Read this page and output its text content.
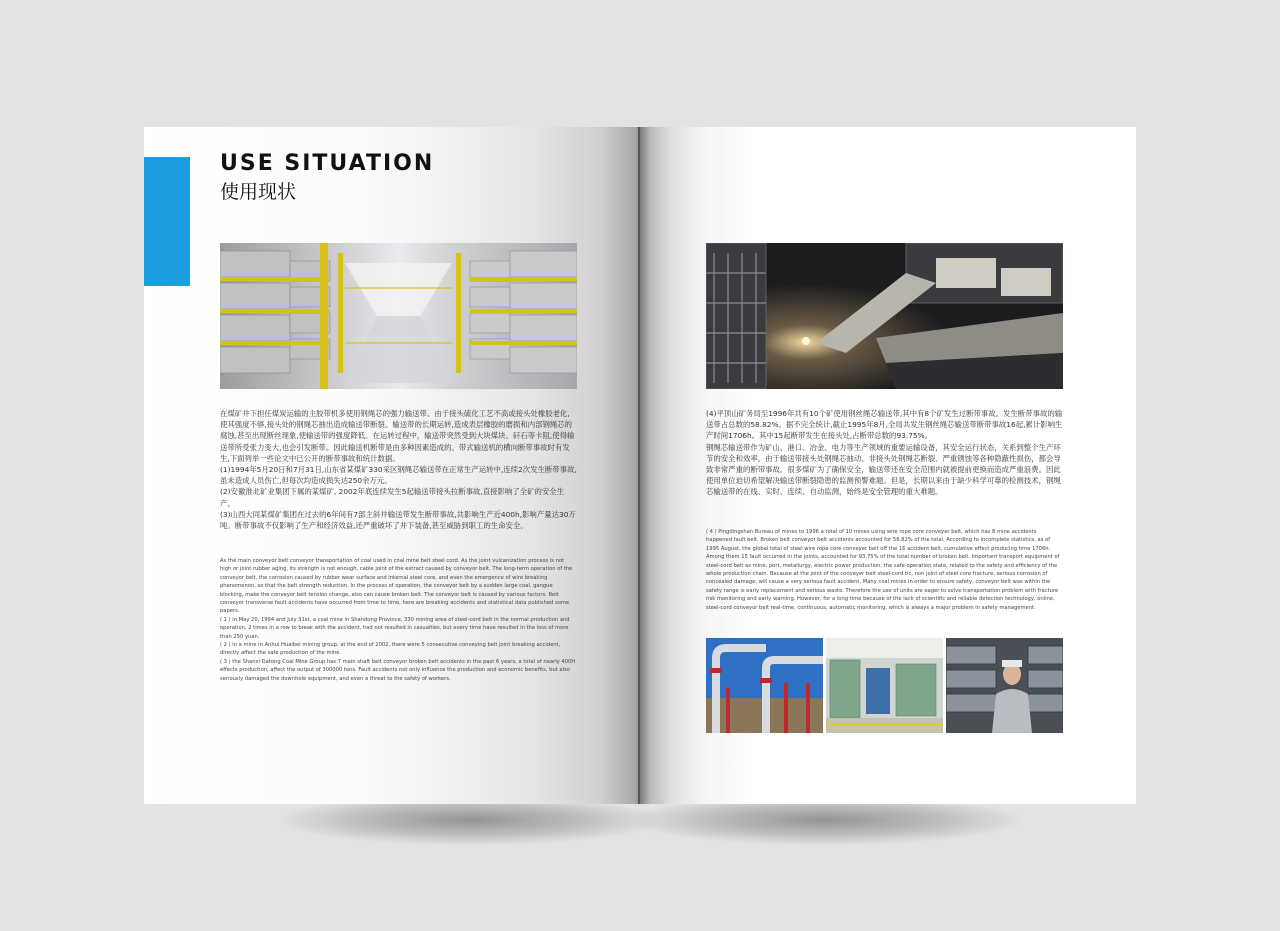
USE SITUATION
使用现状
在煤矿井下担任煤炭运输的主胶带机多使用钢绳芯的强力输送带。由于接头硫化工艺不高或接头处橡胶老化,使其强度不够,接头处的钢绳芯抽出造成输送带断裂。输送带的长期运转,造成表层橡胶的磨损和内部钢绳芯的腐蚀,甚至出现断丝现象,使输送带的强度降低。在运转过程中，输送带突然受到大块煤块、矸石等卡阻,使得输送带所受张力变大,也会引发断带。因此输送机断带是由多种因素造成的。带式输送机的横向断带事故时有发生,下面列举一些论文中已公开的断带事故和统计数据。
(1)1994年5月20日和7月31日,山东省某煤矿330采区钢绳芯输送带在正常生产运转中,连续2次发生断带事故,虽未造成人员伤亡,但每次均造成损失达250余万元。
(2)安徽淮北矿业集团下属的某煤矿, 2002年底连续发生5起输送带接头拉断事故,直接影响了全矿的安全生产。
(3)山西大同某煤矿集团在过去的6年间有7部主斜井输送带发生断带事故,共影响生产近400h,影响产量达30万吨。断带事故不仅影响了生产和经济效益,还严重破坏了井下装备,甚至威胁到职工的生命安全。
As the main conveyor belt conveyor transportation of coal used in coal mine belt steel cord. As the joint vulcanization process is not high or joint rubber aging, its strength is not enough, cable joint of the extract caused by conveyor belt. The long-term operation of the conveyor belt, the corrosion caused by rubber wear surface and internal steel core, and even the emergence of wire breaking phenomenon, so that the belt strength reduction. In the process of operation, the conveyor belt by a sudden large coal, gangue blocking, make the conveyor belt tension change, also can cause broken belt. The conveyor belt is caused by various factors. Belt conveyor transverse fault accidents have occurred from time to time, here are breaking accidents and statistical data published some papers.
( 1 ) in May 20, 1994 and July 31st, a coal mine in Shandong Province, 330 mining area of steel-cord belt in the normal production and operation, 2 times in a row to break with the accident, had not resulted in casualties, but every time have resulted in the loss of more than 250 yuan.
( 2 ) in a mine in Anhui Huaibei mining group, at the end of 2002, there were 5 consecutive conveying belt joint breaking accident, directly affect the safe production of the mine.
( 3 ) the Shanxi Datong Coal Mine Group has 7 main shaft belt conveyor broken belt accidents in the past 6 years, a total of nearly 400H effects production, affect the output of 300000 tons. Fault accidents not only influence the production and economic benefits, but also seriously damaged the downhole equipment, and even a threat to the safety of workers.
(4)平顶山矿务局至1996年共有10个矿使用钢丝绳芯输送带,其中有8个矿发生过断带事故。发生断带事故的输送带占总数的58.82%。据不完全统计,截止1995年8月,全局共发生钢丝绳芯输送带断带事故16起,累计影响生产时间1706h。其中15起断带发生在接头处,占断带总数的93.75%。
钢绳芯输送带作为矿山、港口、冶金、电力等生产领域的重要运输设备，其安全运行状态，关系到整个生产环节的安全和效率。由于输送带接头处钢绳芯抽动、非接头处钢绳芯断裂、严重锈蚀等各种隐蔽性损伤，都会导致非常严重的断带事故。很多煤矿为了确保安全，输送带还在安全范围内就被提前更换而造成严重浪费。因此使用单位迫切希望解决输送带断裂隐患的监测预警难题。但是，长期以来由于缺少科学可靠的检测技术，钢绳芯输送带的在线、实时、连续、自动监测，始终是安全管理的重大难题。
( 4 ) Pingdingshan Bureau of mines to 1996 a total of 10 mines using wire rope core conveyer belt, which has 8 mine accidents happened fault belt. Broken belt conveyor belt accidents accounted for 58.82% of the total. According to incomplete statistics, as of 1995 August, the global total of steel wire rope core conveyer belt off the 16 accident belt, cumulative effect producing time 1706h. Among them 15 fault occurred in the joints, accounted for 93.75% of the total number of broken belt. Important transport equipment of steel-cord belt as mine, port, metallurgy, electric power production, the safe operation state, related to the safety and efficiency of the whole production chain. Because at the joint of the conveyer belt steel-cord tic, non joint of steel core fracture, serious corrosion of concealed damage, will cause a very serious fault accident. Many coal mines in order to ensure safety, conveyor belt was within the safety range is early replacement and serious waste. Therefore the use of units are eager to solve transportation problem with fracture risk monitoring and early warning. However, for a long time because of the lack of scientific and reliable detection technology, online, steel-cord conveyor belt real-time, continuous, automatic monitoring, which is always a major problem in safety management.
